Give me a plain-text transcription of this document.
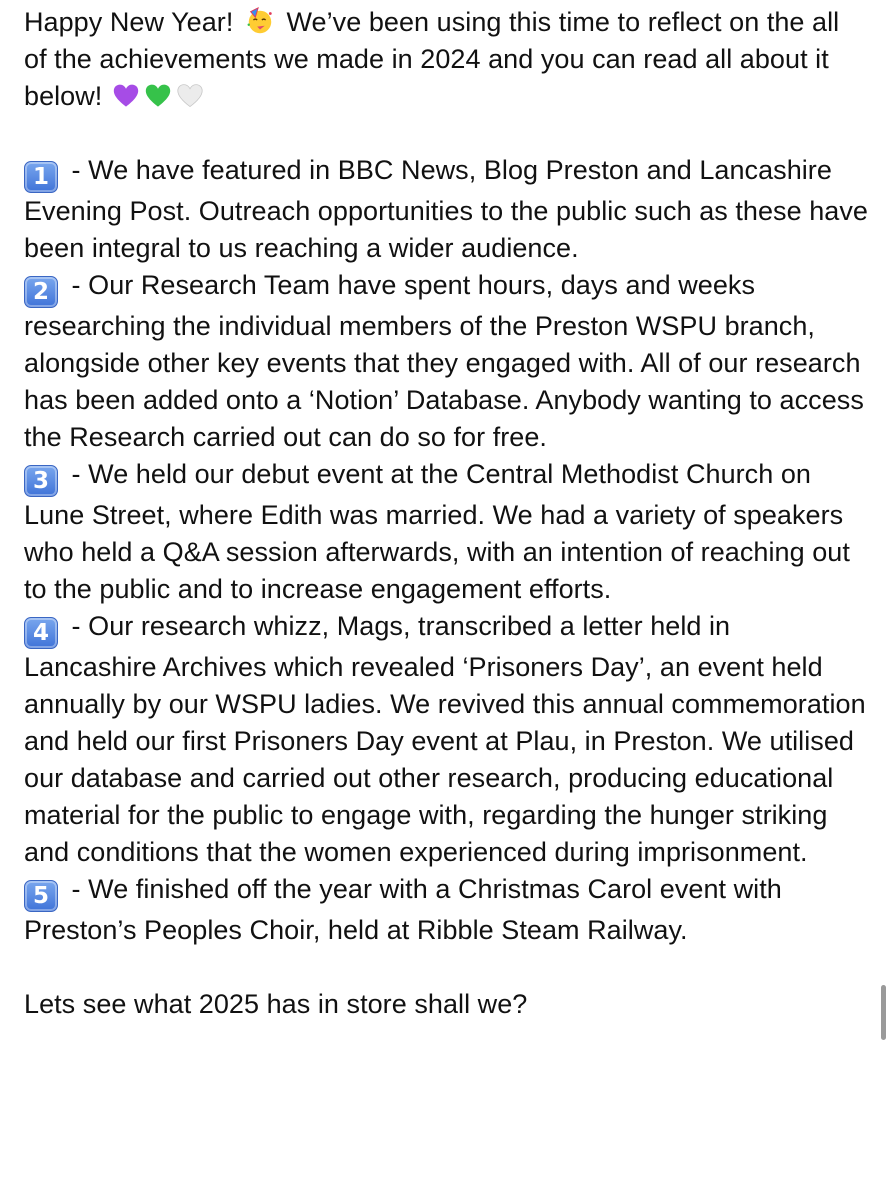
Happy New Year! We’ve been using this time to reflect on the all of the achievements we made in 2024 and you can read all about it below!

1 - We have featured in BBC News, Blog Preston and Lancashire Evening Post. Outreach opportunities to the public such as these have been integral to us reaching a wider audience.

2 - Our Research Team have spent hours, days and weeks researching the individual members of the Preston WSPU branch, alongside other key events that they engaged with. All of our research has been added onto a ‘Notion’ Database. Anybody wanting to access the Research carried out can do so for free.

3 - We held our debut event at the Central Methodist Church on Lune Street, where Edith was married. We had a variety of speakers who held a Q&A session afterwards, with an intention of reaching out to the public and to increase engagement efforts.

4 - Our research whizz, Mags, transcribed a letter held in Lancashire Archives which revealed ‘Prisoners Day’, an event held annually by our WSPU ladies. We revived this annual commemoration and held our first Prisoners Day event at Plau, in Preston. We utilised our database and carried out other research, producing educational material for the public to engage with, regarding the hunger striking and conditions that the women experienced during imprisonment.

5 - We finished off the year with a Christmas Carol event with Preston’s Peoples Choir, held at Ribble Steam Railway.

Lets see what 2025 has in store shall we?
